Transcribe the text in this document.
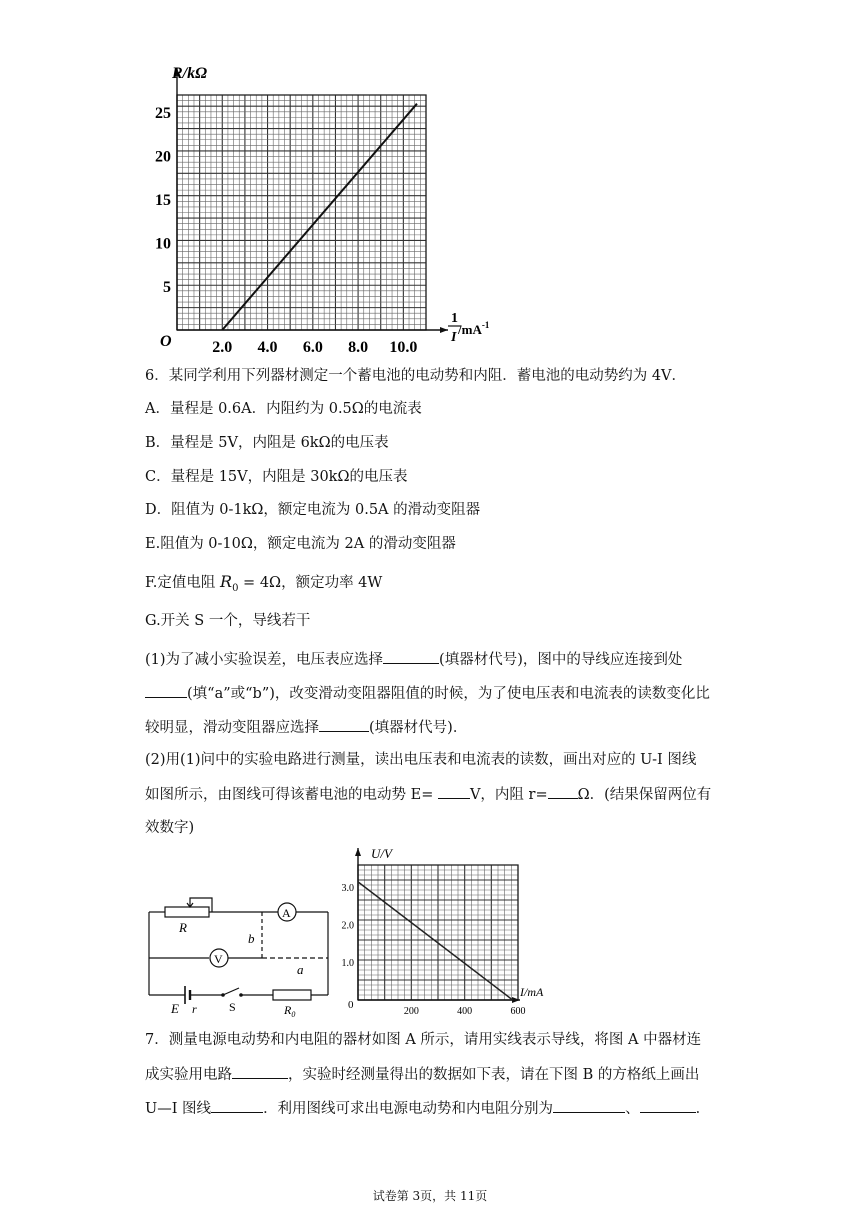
2.0 4.0 6.0 8.0 10.0
5
10
15
20
25
R/kΩ
O
1
I
$/mA^{-1}$
6．某同学利用下列器材测定一个蓄电池的电动势和内阻．蓄电池的电动势约为 4V．
A．量程是 0.6A．内阻约为 0.5Ω的电流表
B．量程是 5V，内阻是 6kΩ的电压表
C．量程是 15V，内阻是 30kΩ的电压表
D．阻值为 0-1kΩ，额定电流为 0.5A 的滑动变阻器
E.阻值为 0-10Ω，额定电流为 2A 的滑动变阻器
F.定值电阻 $R_0 = 4\Omega$，额定功率 4W
G.开关 S 一个，导线若干
(1)为了减小实验误差，电压表应选择	(填器材代号)，图中的导线应连接到处
(填“a”或“b”)，改变滑动变阻器阻值的时候，为了使电压表和电流表的读数变化比
较明显，滑动变阻器应选择	(填器材代号)．
(2)用(1)问中的实验电路进行测量，读出电压表和电流表的读数，画出对应的 U-I 图线
如图所示，由图线可得该蓄电池的电动势 E= V，内阻 r= Ω．(结果保留两位有
效数字)
R
A
V
b
a
E r	S	$R_0$	200	400	600
1.0
2.0
3.0
U/V
0
I/mA
7．测量电源电动势和内电阻的器材如图 A 所示，请用实线表示导线，将图 A 中器材连
成实验用电路	，实验时经测量得出的数据如下表，请在下图 B 的方格纸上画出
U—I 图线	．利用图线可求出电源电动势和内电阻分别为	、	．
试卷第 3页，共 11页
